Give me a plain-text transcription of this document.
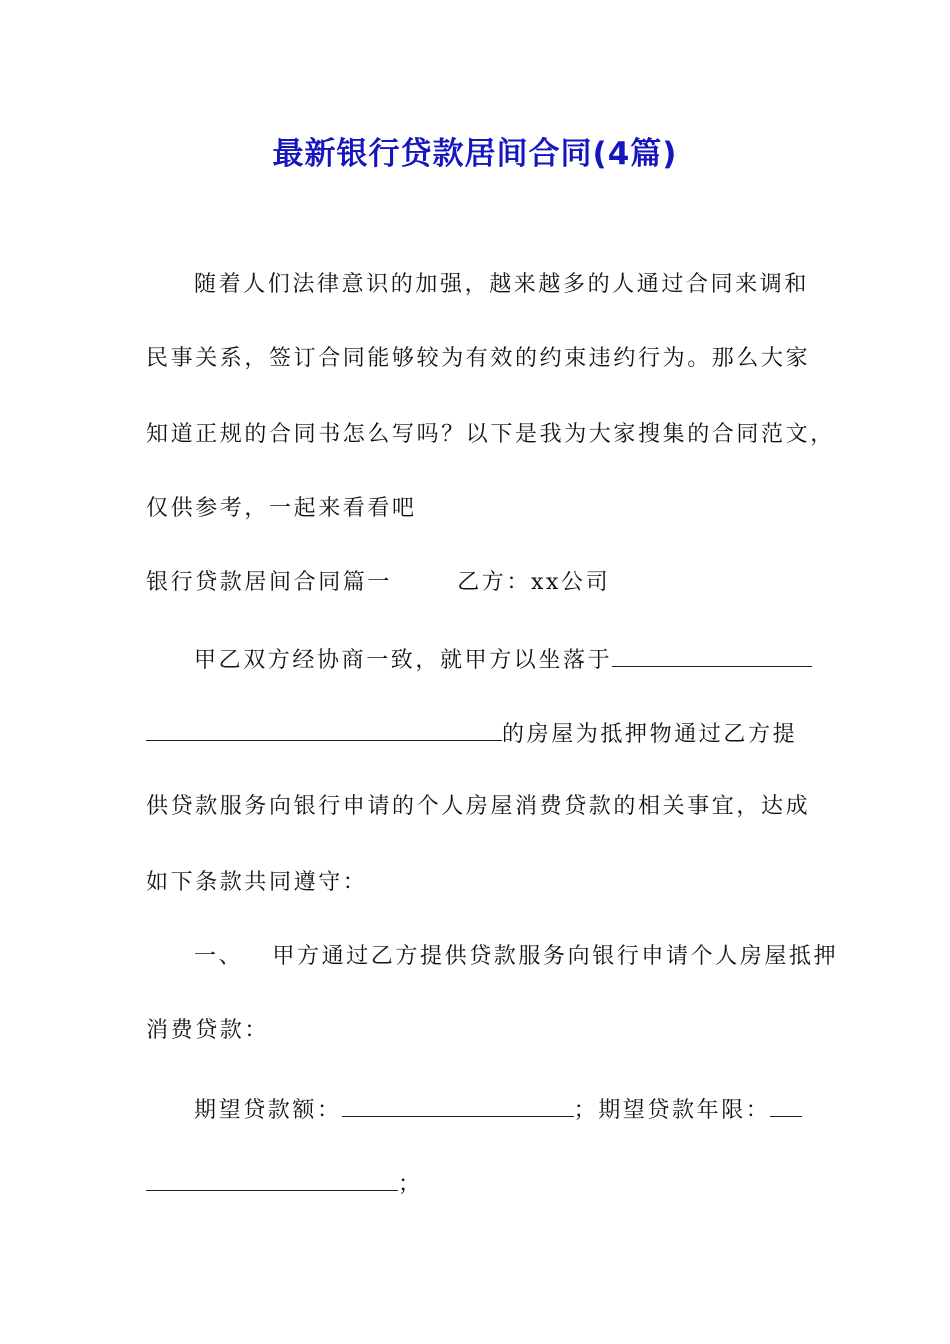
最新银行贷款居间合同(4篇)
随着人们法律意识的加强，越来越多的人通过合同来调和
民事关系，签订合同能够较为有效的约束违约行为。那么大家
知道正规的合同书怎么写吗？以下是我为大家搜集的合同范文，
仅供参考，一起来看看吧
银行贷款居间合同篇一	乙方：xx公司
甲乙双方经协商一致，就甲方以坐落于
的房屋为抵押物通过乙方提
供贷款服务向银行申请的个人房屋消费贷款的相关事宜，达成
如下条款共同遵守：
一、 甲方通过乙方提供贷款服务向银行申请个人房屋抵押
消费贷款：
期望贷款额：	；期望贷款年限：
；
